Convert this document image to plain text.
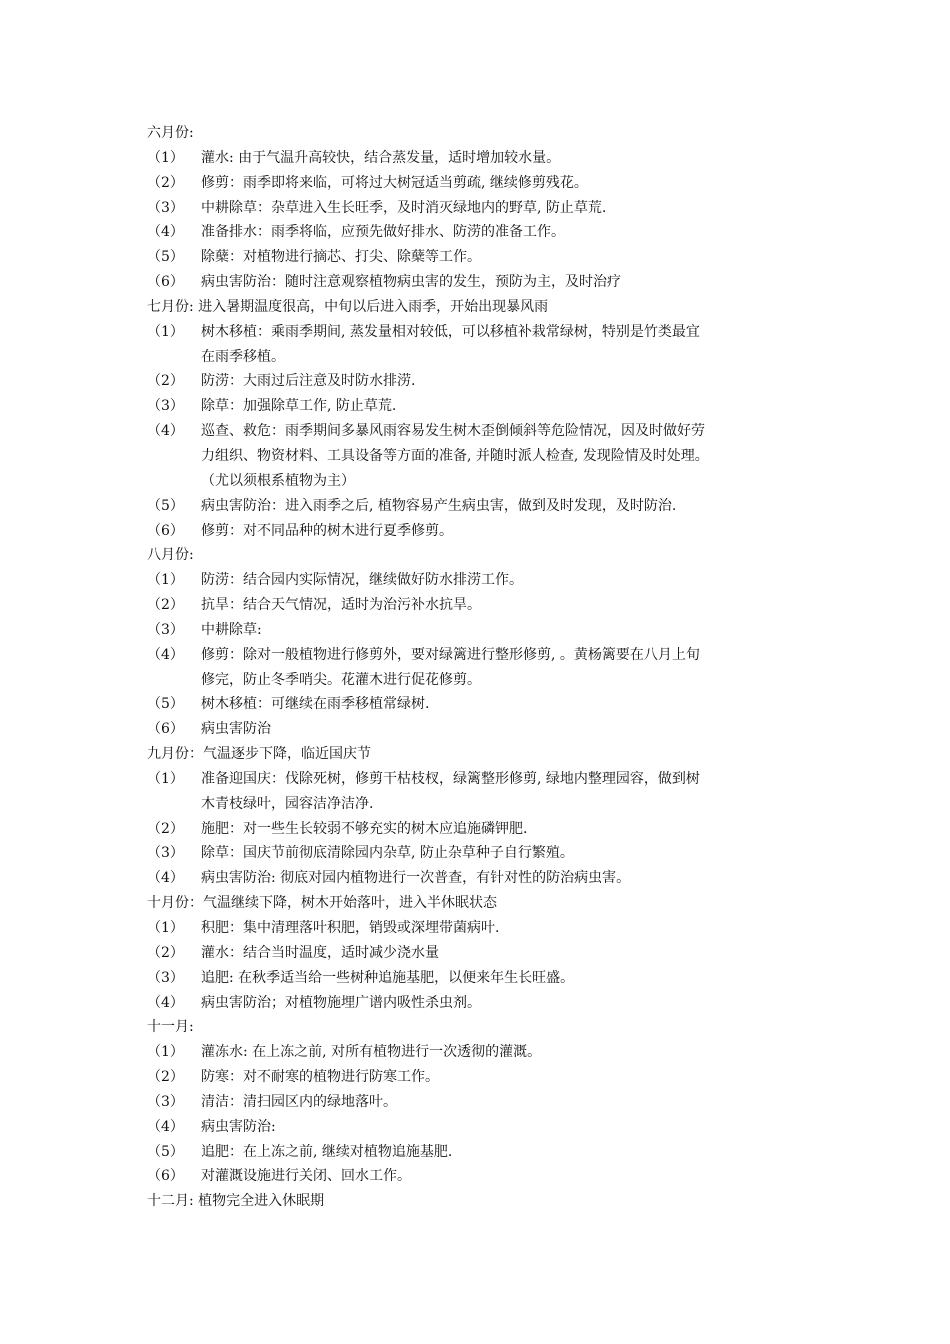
六月份:
（1）	灌水: 由于气温升高较快，结合蒸发量，适时增加较水量。
（2）	修剪：雨季即将来临，可将过大树冠适当剪疏, 继续修剪残花。
（3）	中耕除草：杂草进入生长旺季，及时消灭绿地内的野草, 防止草荒.
（4）	准备排水：雨季将临，应预先做好排水、防涝的准备工作。
（5）	除蘖：对植物进行摘芯、打尖、除蘖等工作。
（6）	病虫害防治：随时注意观察植物病虫害的发生，预防为主，及时治疗
七月份: 进入暑期温度很高，中旬以后进入雨季，开始出现暴风雨
（1）	树木移植：乘雨季期间, 蒸发量相对较低，可以移植补栽常绿树，特别是竹类最宜
在雨季移植。
（2）	防涝：大雨过后注意及时防水排涝.
（3）	除草：加强除草工作, 防止草荒.
（4）	巡查、救危：雨季期间多暴风雨容易发生树木歪倒倾斜等危险情况，因及时做好劳
力组织、物资材料、工具设备等方面的准备, 并随时派人检查, 发现险情及时处理。
（尤以须根系植物为主）
（5）	病虫害防治：进入雨季之后, 植物容易产生病虫害，做到及时发现，及时防治.
（6）	修剪：对不同品种的树木进行夏季修剪。
八月份:
（1）	防涝：结合园内实际情况，继续做好防水排涝工作。
（2）	抗旱：结合天气情况，适时为治污补水抗旱。
（3）	中耕除草:
（4）	修剪：除对一般植物进行修剪外，要对绿篱进行整形修剪, 。黄杨篱要在八月上旬
修完，防止冬季哨尖。花灌木进行促花修剪。
（5）	树木移植：可继续在雨季移植常绿树.
（6）	病虫害防治
九月份：气温逐步下降，临近国庆节
（1）	准备迎国庆：伐除死树，修剪干枯枝杈，绿篱整形修剪, 绿地内整理园容，做到树
木青枝绿叶，园容洁净洁净.
（2）	施肥：对一些生长较弱不够充实的树木应追施磷钾肥.
（3）	除草：国庆节前彻底清除园内杂草, 防止杂草种子自行繁殖。
（4）	病虫害防治: 彻底对园内植物进行一次普查，有针对性的防治病虫害。
十月份：气温继续下降，树木开始落叶，进入半休眠状态
（1）	积肥：集中清理落叶积肥，销毁或深埋带菌病叶.
（2）	灌水：结合当时温度，适时减少浇水量
（3）	追肥: 在秋季适当给一些树种追施基肥，以便来年生长旺盛。
（4）	病虫害防治；对植物施埋广谱内吸性杀虫剂。
十一月:
（1）	灌冻水: 在上冻之前, 对所有植物进行一次透彻的灌溉。
（2）	防寒：对不耐寒的植物进行防寒工作。
（3）	清洁：清扫园区内的绿地落叶。
（4）	病虫害防治:
（5）	追肥：在上冻之前, 继续对植物追施基肥.
（6）	对灌溉设施进行关闭、回水工作。
十二月: 植物完全进入休眠期
